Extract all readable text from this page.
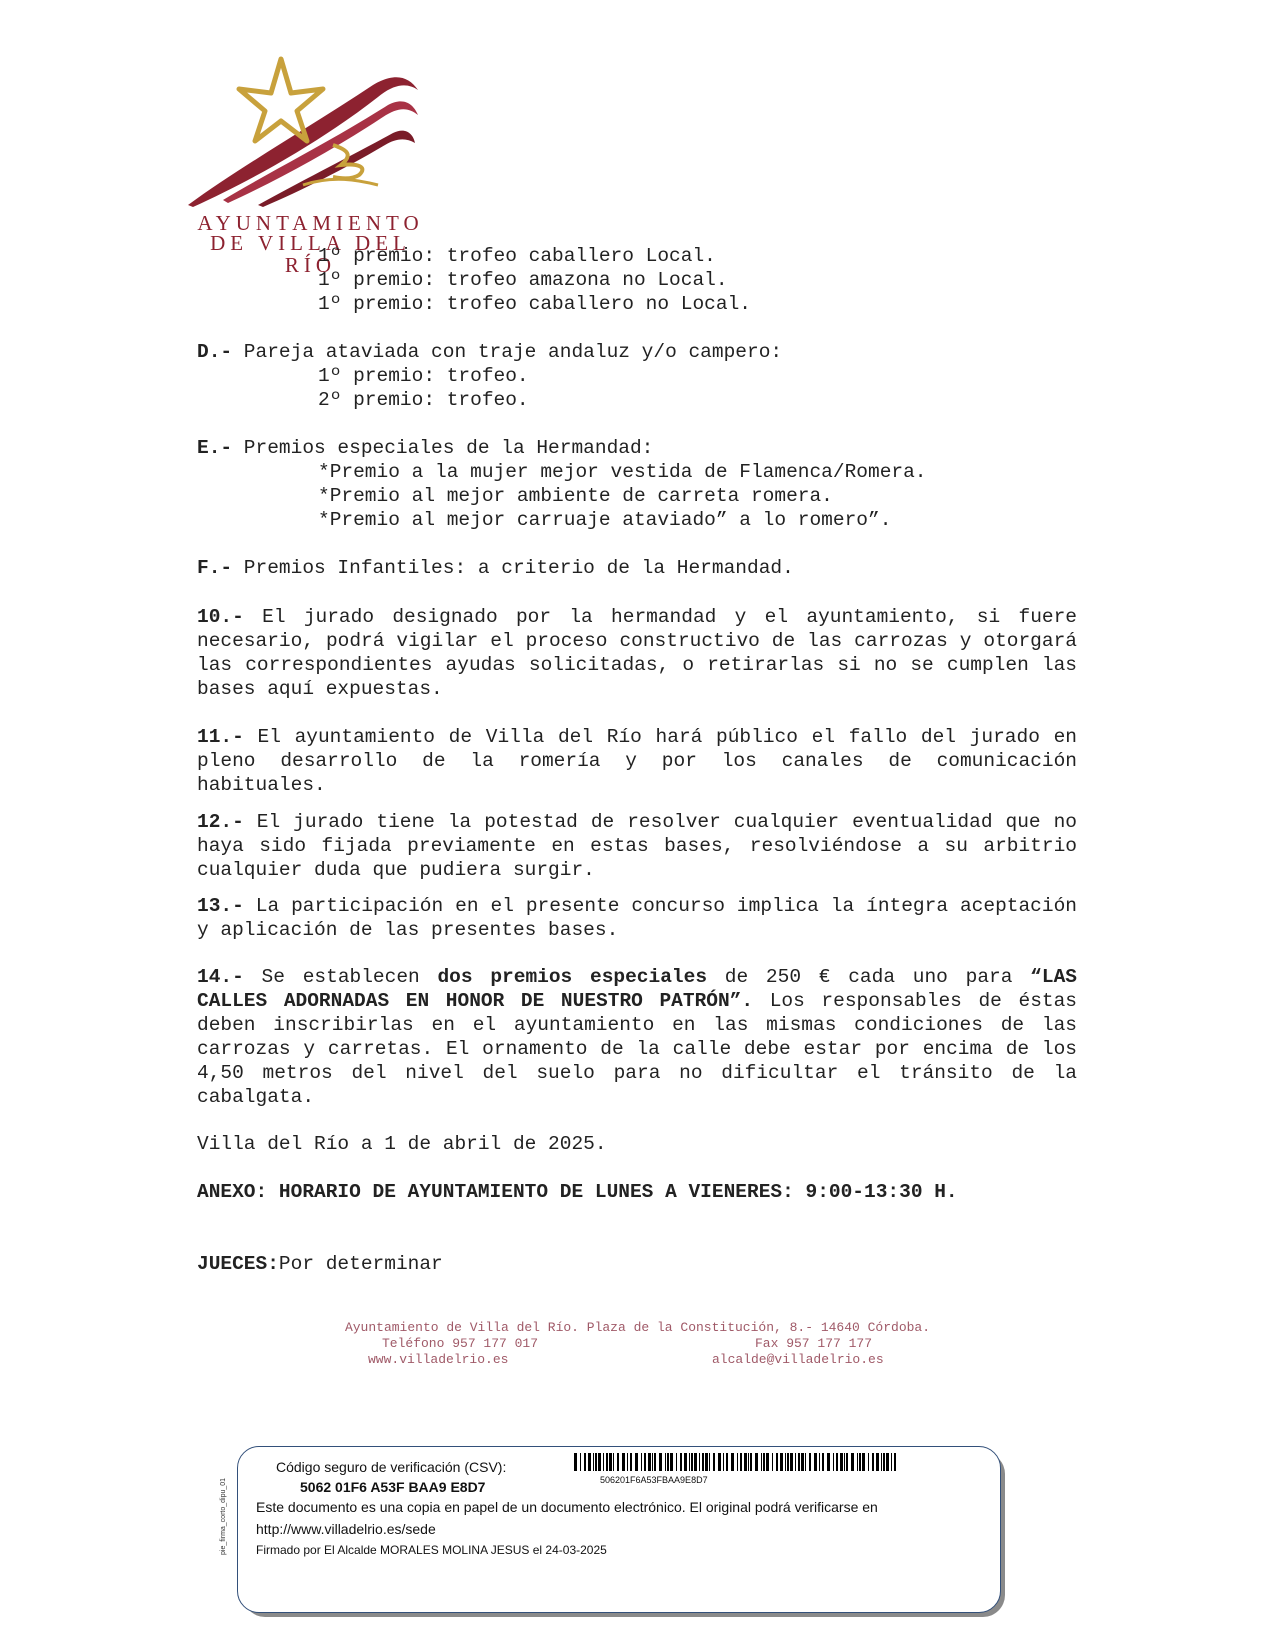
AYUNTAMIENTO
DE VILLA DEL RÍO
1º premio: trofeo caballero Local.
1º premio: trofeo amazona no Local.
1º premio: trofeo caballero no Local.
D.- Pareja ataviada con traje andaluz y/o campero:
1º premio: trofeo.
2º premio: trofeo.
E.- Premios especiales de la Hermandad:
*Premio a la mujer mejor vestida de Flamenca/Romera.
*Premio al mejor ambiente de carreta romera.
*Premio al mejor carruaje ataviado” a lo romero”.
F.- Premios Infantiles: a criterio de la Hermandad.
10.- El jurado designado por la hermandad y el ayuntamiento, si fuere necesario, podrá vigilar el proceso constructivo de las carrozas y otorgará las correspondientes ayudas solicitadas, o retirarlas si no se cumplen las bases aquí expuestas.
11.- El ayuntamiento de Villa del Río hará público el fallo del jurado en pleno desarrollo de la romería y por los canales de comunicación habituales.
12.- El jurado tiene la potestad de resolver cualquier eventualidad que no haya sido fijada previamente en estas bases, resolviéndose a su arbitrio cualquier duda que pudiera surgir.
13.- La participación en el presente concurso implica la íntegra aceptación y aplicación de las presentes bases.
14.- Se establecen dos premios especiales de 250 € cada uno para “LAS CALLES ADORNADAS EN HONOR DE NUESTRO PATRÓN”. Los responsables de éstas deben inscribirlas en el ayuntamiento en las mismas condiciones de las carrozas y carretas. El ornamento de la calle debe estar por encima de los 4,50 metros del nivel del suelo para no dificultar el tránsito de la cabalgata.
Villa del Río a 1 de abril de 2025.
ANEXO: HORARIO DE AYUNTAMIENTO DE LUNES A VIENERES: 9:00-13:30 H.
JUECES:Por determinar
Ayuntamiento de Villa del Río. Plaza de la Constitución, 8.- 14640 Córdoba.
Teléfono 957 177 017	Fax 957 177 177
www.villadelrio.es	alcalde@villadelrio.es
pie_firma_corto_dipu_01
Código seguro de verificación (CSV):
5062 01F6 A53F BAA9 E8D7	506201F6A53FBAA9E8D7
Este documento es una copia en papel de un documento electrónico. El original podrá verificarse en
http://www.villadelrio.es/sede
Firmado por El Alcalde MORALES MOLINA JESUS el 24-03-2025
